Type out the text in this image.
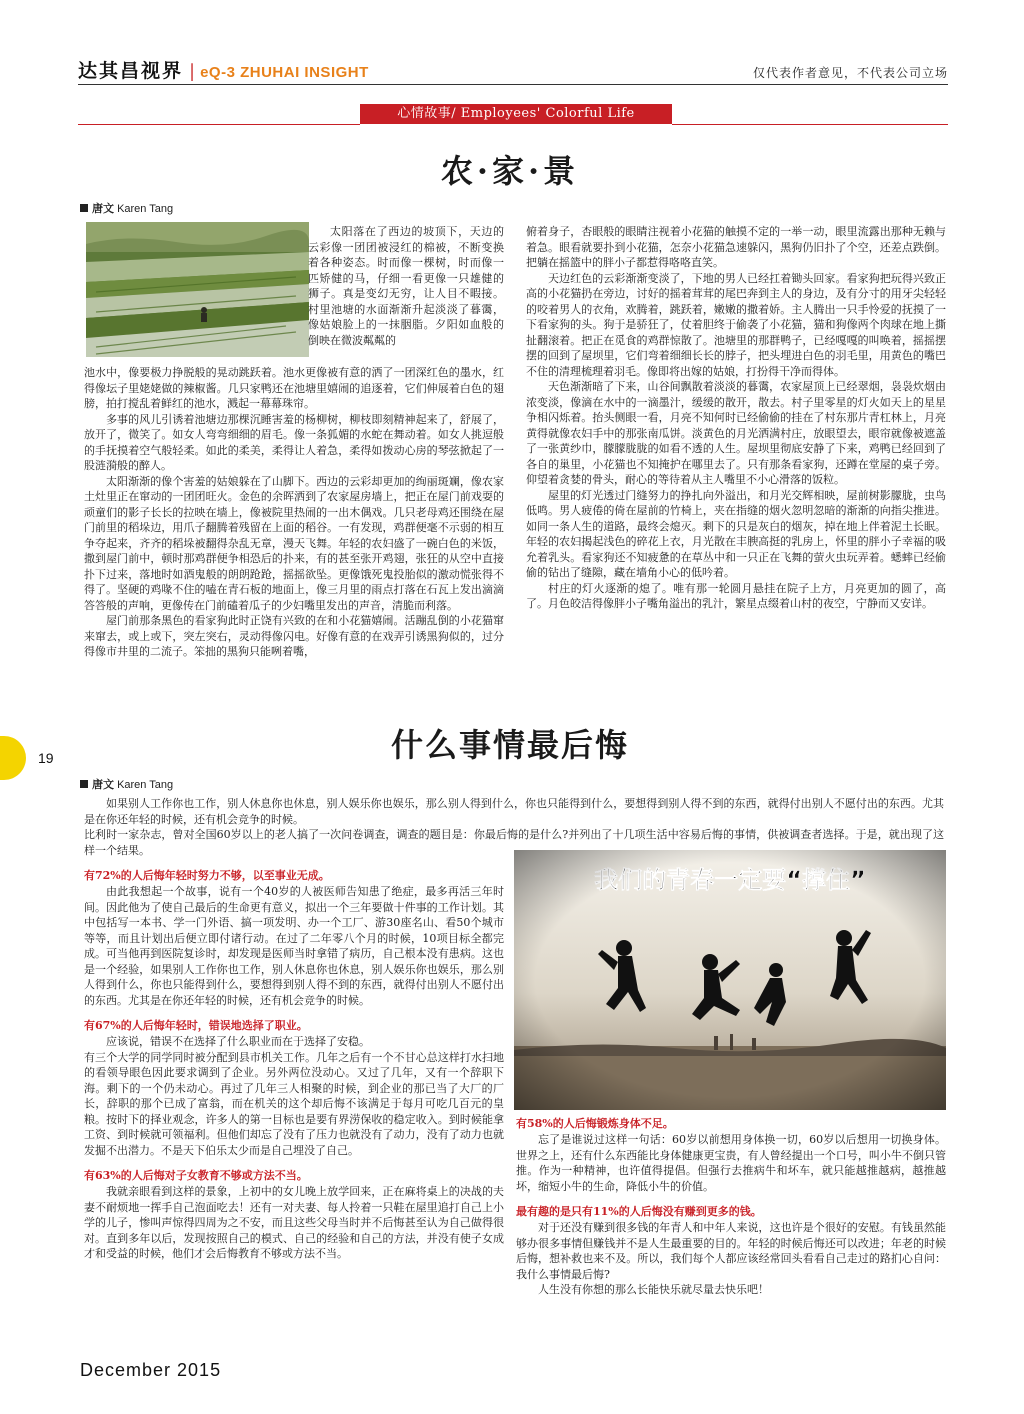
达其昌视界 | eQ-3 ZHUHAI INSIGHT	仅代表作者意见，不代表公司立场
心情故事/ Employees' Colorful Life
农·家·景
唐文 Karen Tang

太阳落在了西边的坡顶下，天边的云彩像一团团被浸红的棉被，不断变换着各种姿态。时而像一棵树，时而像一匹矫健的马，仔细一看更像一只雄健的狮子。真是变幻无穷，让人目不暇接。村里池塘的水面渐渐升起淡淡了暮霭，像姑娘脸上的一抹胭脂。夕阳如血般的倒映在微波粼粼的

池水中，像要极力挣脱般的晃动跳跃着。池水更像被有意的洒了一团深红色的墨水，红得像坛子里姥姥做的辣椒酱。几只家鸭还在池塘里嬉闹的追逐着，它们伸展着白色的翅膀，拍打搅乱着鲜红的池水，溅起一幕幕珠帘。

多事的风儿引诱着池塘边那棵沉睡害羞的杨柳树，柳枝即刻精神起来了，舒展了，放开了，微笑了。如女人弯弯细细的眉毛。像一条狐媚的水蛇在舞动着。如女人挑逗般的手抚摸着空气般轻柔。如此的柔美，柔得让人着急，柔得如拨动心房的琴弦掀起了一股涟漪般的醉人。

太阳渐渐的像个害羞的姑娘躲在了山脚下。西边的云彩却更加的绚丽斑斓，像农家土灶里正在窜动的一团团旺火。金色的余晖洒到了农家屋房墙上，把正在屋门前戏耍的顽童们的影子长长的拉映在墙上，像被院里热闹的一出木偶戏。几只老母鸡还围绕在屋门前里的稻垛边，用爪子翻腾着残留在上面的稻谷。一有发现，鸡群便毫不示弱的相互争夺起来，齐齐的稻垛被翻得杂乱无章，漫天飞舞。年轻的农妇盛了一碗白色的米饭，撒到屋门前中，顿时那鸡群便争相恐后的扑来，有的甚至张开鸡翅，张狂的从空中直接扑下过来，落地时如酒鬼般的朗朗跄跄，摇摇欲坠。更像饿死鬼投胎似的激动慌张得不得了。坚硬的鸡喙不住的嗑在青石板的地面上，像三月里的雨点打落在石瓦上发出滴滴答答般的声响，更像传在门前磕着瓜子的少妇嘴里发出的声音，清脆而利落。

屋门前那条黑色的看家狗此时正饶有兴致的在和小花猫嬉闹。活蹦乱倒的小花猫窜来窜去，或上或下，突左突右，灵动得像闪电。好像有意的在戏弄引诱黑狗似的，过分得像市井里的二流子。笨拙的黑狗只能咧着嘴，

俯着身子，杏眼般的眼睛注视着小花猫的触摸不定的一举一动，眼里流露出那种无赖与着急。眼看就要扑到小花猫，怎奈小花猫急速躲闪，黑狗仍旧扑了个空，还差点跌倒。把躺在摇篮中的胖小子都惹得咯咯直笑。

天边红色的云彩渐渐变淡了，下地的男人已经扛着锄头回家。看家狗把玩得兴致正高的小花猫扔在旁边，讨好的摇着茸茸的尾巴奔到主人的身边，及有分寸的用牙尖轻轻的咬着男人的衣角，欢腾着，跳跃着，嫩嫩的撒着娇。主人腾出一只手怜爱的抚摸了一下看家狗的头。狗于是骄狂了，仗着胆终于偷袭了小花猫，猫和狗像两个肉球在地上撕扯翻滚着。把正在觅食的鸡群惊散了。池塘里的那群鸭子，已经嘎嘎的叫唤着，摇摇摆摆的回到了屋坝里，它们弯着细细长长的脖子，把头埋进白色的羽毛里，用黄色的嘴巴不住的清理梳理着羽毛。像即将出嫁的姑娘，打扮得干净而得体。

天色渐渐暗了下来，山谷间飘散着淡淡的暮霭，农家屋顶上已经翠烟，袅袅炊烟由浓变淡，像滴在水中的一滴墨汁，缓缓的散开，散去。村子里零星的灯火如天上的星星争相闪烁着。抬头侧眼一看，月亮不知何时已经偷偷的挂在了村东那片青杠林上，月亮黄得就像农妇手中的那张南瓜饼。淡黄色的月光洒满村庄，放眼望去，眼帘就像被遮盖了一张黄纱巾，朦朦胧胧的如看不透的人生。屋坝里彻底安静了下来，鸡鸭已经回到了各自的巢里，小花猫也不知掩护在哪里去了。只有那条看家狗，还蹲在堂屋的桌子旁。仰望着贪婪的骨头，耐心的等待着从主人嘴里不小心滑落的饭粒。

屋里的灯光透过门缝努力的挣扎向外溢出，和月光交辉相映，屋前树影朦胧，虫鸟低鸣。男人疲倦的倚在屋前的竹椅上，夹在指缝的烟火忽明忽暗的渐渐的向指尖推进。如同一条人生的道路，最终会熄灭。剩下的只是灰白的烟灰，掉在地上伴着泥土长眠。年轻的农妇揭起浅色的碎花上衣，月光散在丰腴高挺的乳房上，怀里的胖小子幸福的吸允着乳头。看家狗还不知疲惫的在草丛中和一只正在飞舞的萤火虫玩弄着。蟋蟀已经偷偷的钻出了缝隙，藏在墙角小心的低吟着。

村庄的灯火逐渐的熄了。唯有那一轮圆月悬挂在院子上方，月亮更加的圆了，高了。月色皎洁得像胖小子嘴角溢出的乳汁，繁星点缀着山村的夜空，宁静而又安详。

19	什么事情最后悔
唐文 Karen Tang

如果别人工作你也工作，别人休息你也休息，别人娱乐你也娱乐，那么别人得到什么，你也只能得到什么，要想得到别人得不到的东西，就得付出别人不愿付出的东西。尤其是在你还年轻的时候，还有机会竞争的时候。

比利时一家杂志，曾对全国60岁以上的老人搞了一次问卷调查，调查的题目是：你最后悔的是什么?并列出了十几项生活中容易后悔的事情，供被调查者选择。于是，就出现了这样一个结果。

有72%的人后悔年轻时努力不够，以至事业无成。

由此我想起一个故事，说有一个40岁的人被医师告知患了绝症，最多再活三年时间。因此他为了使自己最后的生命更有意义，拟出一个三年要做十件事的工作计划。其中包括写一本书、学一门外语、搞一项发明、办一个工厂、游30座名山、看50个城市等等，而且计划出后便立即付诸行动。在过了二年零八个月的时候，10项目标全都完成。可当他再到医院复诊时，却发现是医师当时拿错了病历，自己根本没有患病。这也是一个经验，如果别人工作你也工作，别人休息你也休息，别人娱乐你也娱乐，那么别人得到什么，你也只能得到什么，要想得到别人得不到的东西，就得付出别人不愿付出的东西。尤其是在你还年轻的时候，还有机会竞争的时候。

有67%的人后悔年轻时，错误地选择了职业。

应该说，错误不在选择了什么职业而在于选择了安稳。

有三个大学的同学同时被分配到县市机关工作。几年之后有一个不甘心总这样打水扫地的看领导眼色因此要求调到了企业。另外两位没动心。又过了几年，又有一个辞职下海。剩下的一个仍未动心。再过了几年三人相聚的时候，到企业的那已当了大厂的厂长，辞职的那个已成了富翁，而在机关的这个却后悔不该满足于每月可吃几百元的皇粮。按时下的择业观念，许多人的第一目标也是要有界涝保收的稳定收入。到时候能拿工资、到时候就可领福利。但他们却忘了没有了压力也就没有了动力，没有了动力也就发掘不出潜力。不是天下伯乐太少而是自己埋没了自己。

有63%的人后悔对子女教育不够或方法不当。

我就亲眼看到这样的景象，上初中的女儿晚上放学回来，正在麻将桌上的决战的夫妻不耐烦地一挥手自己泡面吃去！还有一对夫妻、每人拎着一只鞋在屋里追打自己上小学的儿子，惨叫声惊得四周为之不安，而且这些父母当时并不后悔甚至认为自己做得很对。直到多年以后，发现按照自己的模式、自己的经验和自己的方法，并没有使子女成才和受益的时候，他们才会后悔教育不够或方法不当。

有58%的人后悔锻炼身体不足。

忘了是谁说过这样一句话：60岁以前想用身体换一切，60岁以后想用一切换身体。世界之上，还有什么东西能比身体健康更宝贵，有人曾经提出一个口号，叫小牛不倒只管推。作为一种精神，也许值得提倡。但强行去推病牛和坏车，就只能越推越病，越推越坏，缩短小牛的生命，降低小牛的价值。

最有趣的是只有11%的人后悔没有赚到更多的钱。

对于还没有赚到很多钱的年青人和中年人来说，这也许是个很好的安慰。有钱虽然能够办很多事情但赚钱并不是人生最重要的目的。年轻的时候后悔还可以改进；年老的时候后悔，想补救也来不及。所以，我们每个人都应该经常回头看看自己走过的路扪心自问：我什么事情最后悔?

人生没有你想的那么长能快乐就尽量去快乐吧！

December 2015
